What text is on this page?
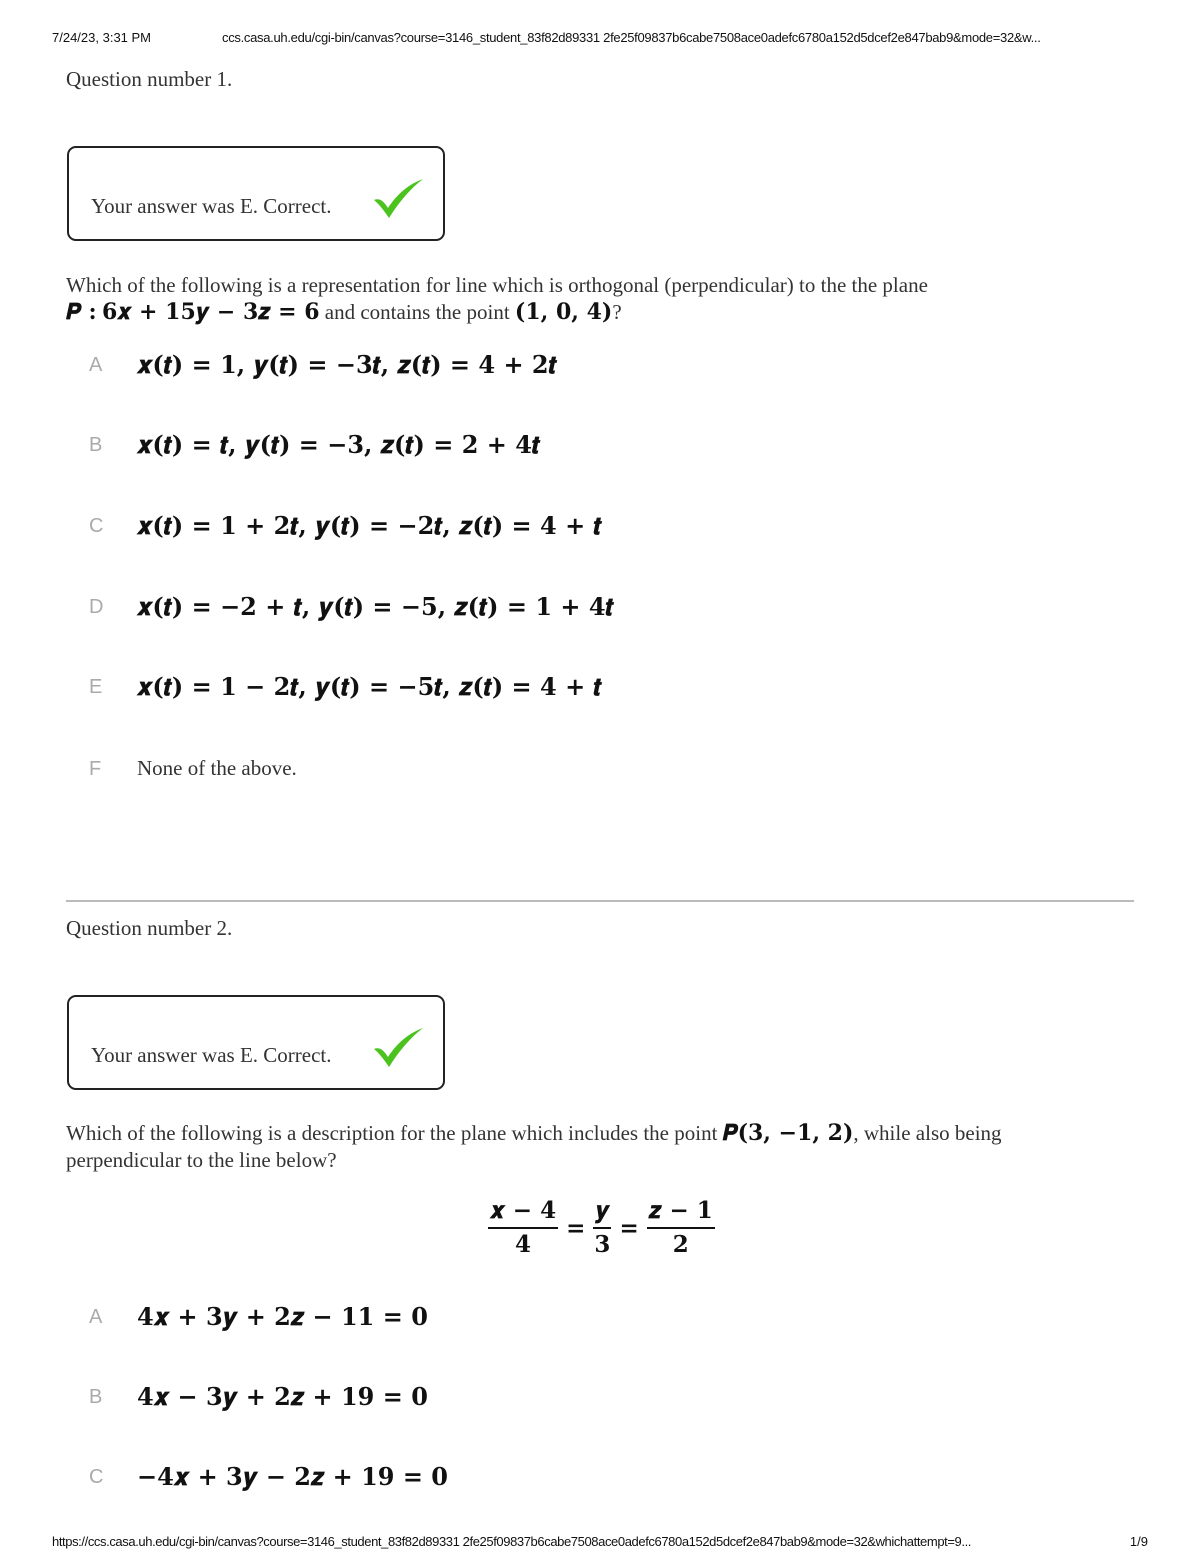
7/24/23, 3:31 PM	ccs.casa.uh.edu/cgi-bin/canvas?course=3146_student_83f82d89331 2fe25f09837b6cabe7508ace0adefc6780a152d5dcef2e847bab9&mode=32&w...
Question number 1.
Your answer was E. Correct.
Which of the following is a representation for line which is orthogonal (perpendicular) to the the plane
𝑷 : 6𝒙 + 15𝒚 − 3𝒛 = 6 and contains the point (1, 0, 4)?
A 𝒙(𝒕) = 1, 𝒚(𝒕) = −3𝒕, 𝒛(𝒕) = 4 + 2𝒕
B 𝒙(𝒕) = 𝒕, 𝒚(𝒕) = −3, 𝒛(𝒕) = 2 + 4𝒕
C 𝒙(𝒕) = 1 + 2𝒕, 𝒚(𝒕) = −2𝒕, 𝒛(𝒕) = 4 + 𝒕
D 𝒙(𝒕) = −2 + 𝒕, 𝒚(𝒕) = −5, 𝒛(𝒕) = 1 + 4𝒕
E 𝒙(𝒕) = 1 − 2𝒕, 𝒚(𝒕) = −5𝒕, 𝒛(𝒕) = 4 + 𝒕
F None of the above.
Question number 2.
Your answer was E. Correct.
Which of the following is a description for the plane which includes the point 𝑷(3, −1, 2), while also being
perpendicular to the line below?
$\frac{\text{𝒙 − 4}}{4} = \frac{\text{𝒚}}{3} = \frac{\text{𝒛 − 1}}{2}$
A 4𝒙 + 3𝒚 + 2𝒛 − 11 = 0
B 4𝒙 − 3𝒚 + 2𝒛 + 19 = 0
C −4𝒙 + 3𝒚 − 2𝒛 + 19 = 0
https://ccs.casa.uh.edu/cgi-bin/canvas?course=3146_student_83f82d89331 2fe25f09837b6cabe7508ace0adefc6780a152d5dcef2e847bab9&mode=32&whichattempt=9...	1/9
